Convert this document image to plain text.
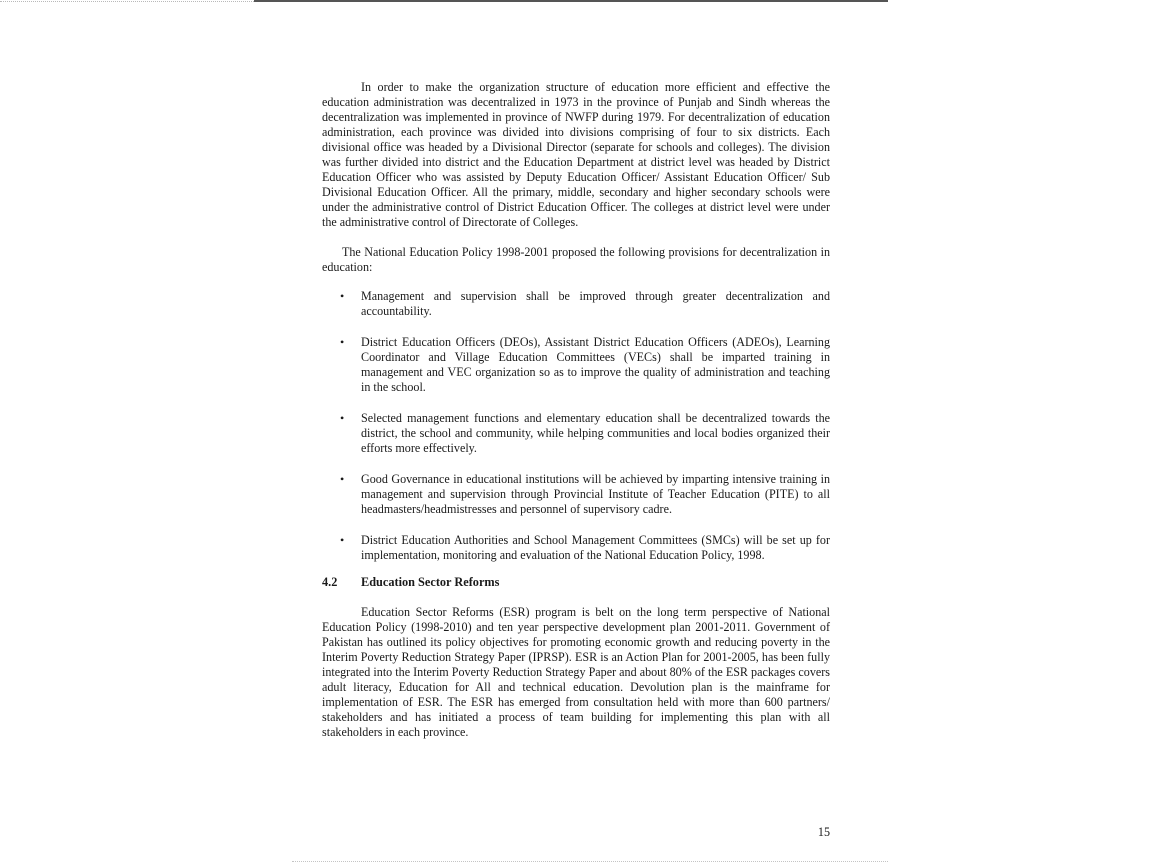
In order to make the organization structure of education more efficient and effective the education administration was decentralized in 1973 in the province of Punjab and Sindh whereas the decentralization was implemented in province of NWFP during 1979. For decentralization of education administration, each province was divided into divisions comprising of four to six districts. Each divisional office was headed by a Divisional Director (separate for schools and colleges). The division was further divided into district and the Education Department at district level was headed by District Education Officer who was assisted by Deputy Education Officer/ Assistant Education Officer/ Sub Divisional Education Officer. All the primary, middle, secondary and higher secondary schools were under the administrative control of District Education Officer. The colleges at district level were under the administrative control of Directorate of Colleges.

The National Education Policy 1998-2001 proposed the following provisions for decentralization in education:

•	Management and supervision shall be improved through greater decentralization and accountability.
•	District Education Officers (DEOs), Assistant District Education Officers (ADEOs), Learning Coordinator and Village Education Committees (VECs) shall be imparted training in management and VEC organization so as to improve the quality of administration and teaching in the school.
•	Selected management functions and elementary education shall be decentralized towards the district, the school and community, while helping communities and local bodies organized their efforts more effectively.
•	Good Governance in educational institutions will be achieved by imparting intensive training in management and supervision through Provincial Institute of Teacher Education (PITE) to all headmasters/headmistresses and personnel of supervisory cadre.
•	District Education Authorities and School Management Committees (SMCs) will be set up for implementation, monitoring and evaluation of the National Education Policy, 1998.

4.2 Education Sector Reforms

Education Sector Reforms (ESR) program is belt on the long term perspective of National Education Policy (1998-2010) and ten year perspective development plan 2001-2011. Government of Pakistan has outlined its policy objectives for promoting economic growth and reducing poverty in the Interim Poverty Reduction Strategy Paper (IPRSP). ESR is an Action Plan for 2001-2005, has been fully integrated into the Interim Poverty Reduction Strategy Paper and about 80% of the ESR packages covers adult literacy, Education for All and technical education. Devolution plan is the mainframe for implementation of ESR. The ESR has emerged from consultation held with more than 600 partners/ stakeholders and has initiated a process of team building for implementing this plan with all stakeholders in each province.

15
